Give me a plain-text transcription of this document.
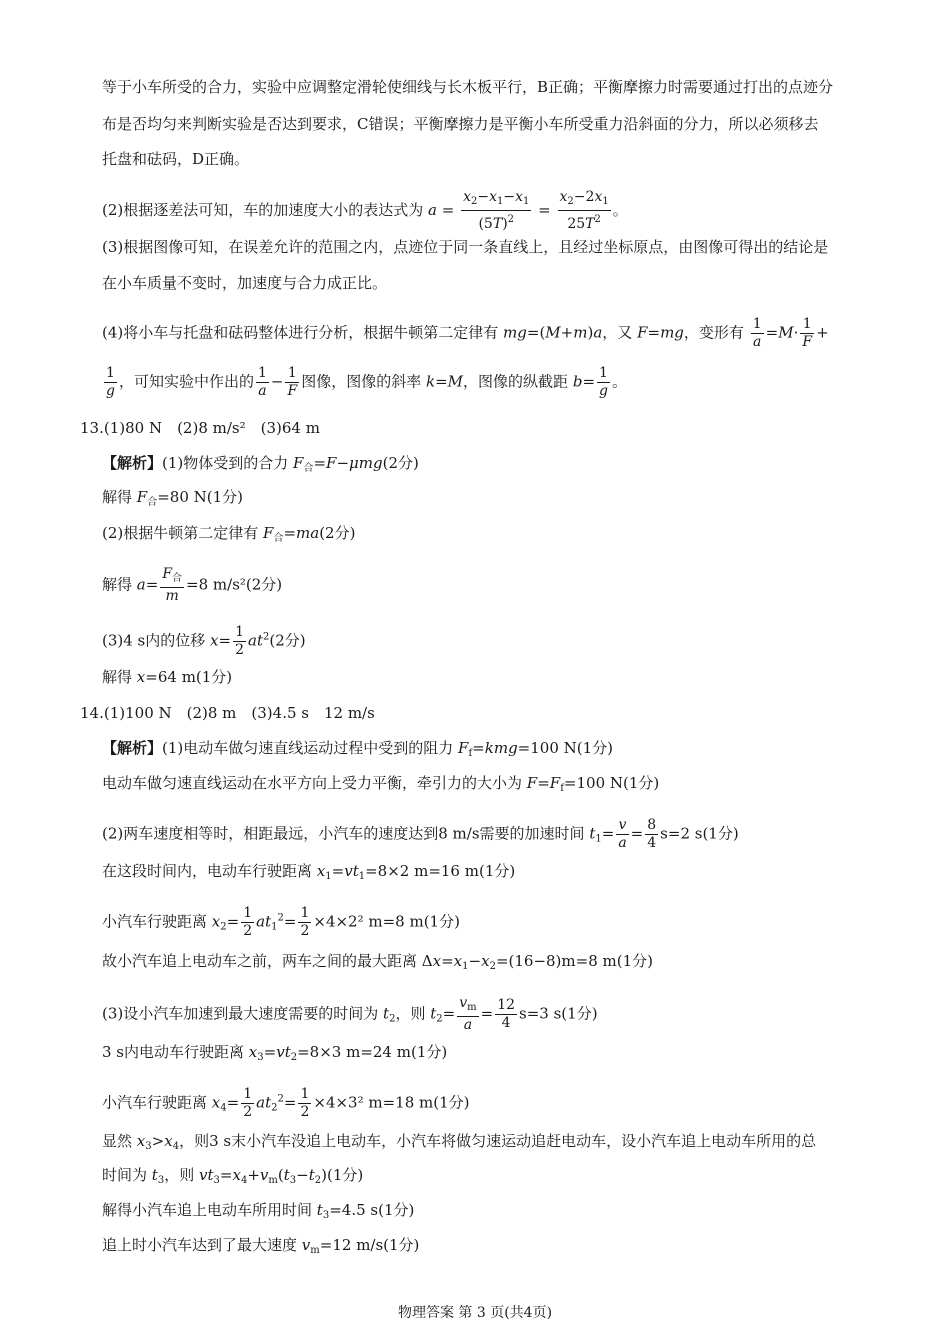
等于小车所受的合力，实验中应调整定滑轮使细线与长木板平行，B正确；平衡摩擦力时需要通过打出的点迹分
布是否均匀来判断实验是否达到要求，C错误；平衡摩擦力是平衡小车所受重力沿斜面的分力，所以必须移去
托盘和砝码，D正确。
(2)根据逐差法可知，车的加速度大小的表达式为 $a = \frac{x_2-x_1-x_1}{(5T)^2} = \frac{x_2-2x_1}{25T^2}$ 。
(3)根据图像可知，在误差允许的范围之内，点迹位于同一条直线上，且经过坐标原点，由图像可得出的结论是
在小车质量不变时，加速度与合力成正比。
(4)将小车与托盘和砝码整体进行分析，根据牛顿第二定律有 mg=(M+m)a，又 F=mg，变形有 $\frac{1}{a} =M\cdot \frac{1}{F}$ +
$\frac{1}{g}$ ，可知实验中作出的 $\frac{1}{a} - \frac{1}{F}$ 图像，图像的斜率 k=M，图像的纵截距 $b= \frac{1}{g}$ 。
13.(1)80 N　(2)8 m/s²　(3)64 m
【解析】(1)物体受到的合力 $F_合=F-\mu mg(2$分)
解得 $F_合=80$ N(1分)
(2)根据牛顿第二定律有 $F_合=ma(2$分)
解得 $a= \frac{F_合}{m} =8$ m/s²(2分)
(3)4 s内的位移 $x= \frac{1}{2} at^2(2$分)
解得 x=64 m(1分)
14.(1)100 N　(2)8 m　(3)4.5 s　12 m/s
【解析】(1)电动车做匀速直线运动过程中受到的阻力 $F_f=kmg=100$ N(1分)
电动车做匀速直线运动在水平方向上受力平衡，牵引力的大小为 $F=F_f=100$ N(1分)
(2)两车速度相等时，相距最远，小汽车的速度达到8 m/s需要的加速时间 $t_1= \frac{v}{a} = \frac{8}{4} s=2$ s(1分)
在这段时间内，电动车行驶距离 $x_1=vt_1=8\times 2$ m=16 m(1分)
小汽车行驶距离 $x_2= \frac{1}{2} at_1^2= \frac{1}{2} \times 4\times 2^2$ m=8 m(1分)
故小汽车追上电动车之前，两车之间的最大距离 $\Delta x=x_1-x_2=(16-8)m=8$ m(1分)
(3)设小汽车加速到最大速度需要的时间为 $t_2$，则 $t_2= \frac{v_m}{a} = \frac{12}{4} s=3$ s(1分)
3 s内电动车行驶距离 $x_3=vt_2=8\times 3$ m=24 m(1分)
小汽车行驶距离 $x_4= \frac{1}{2} at_2^2= \frac{1}{2} \times 4\times 3^2$ m=18 m(1分)
显然 $x_3>x_4$，则3 s末小汽车没追上电动车，小汽车将做匀速运动追赶电动车，设小汽车追上电动车所用的总
时间为 $t_3$，则 $vt_3=x_4+v_m(t_3-t_2)(1$分)
解得小汽车追上电动车所用时间 $t_3=4.5$ s(1分)
追上时小汽车达到了最大速度 $v_m=12$ m/s(1分)
物理答案 第 3 页(共4页)
